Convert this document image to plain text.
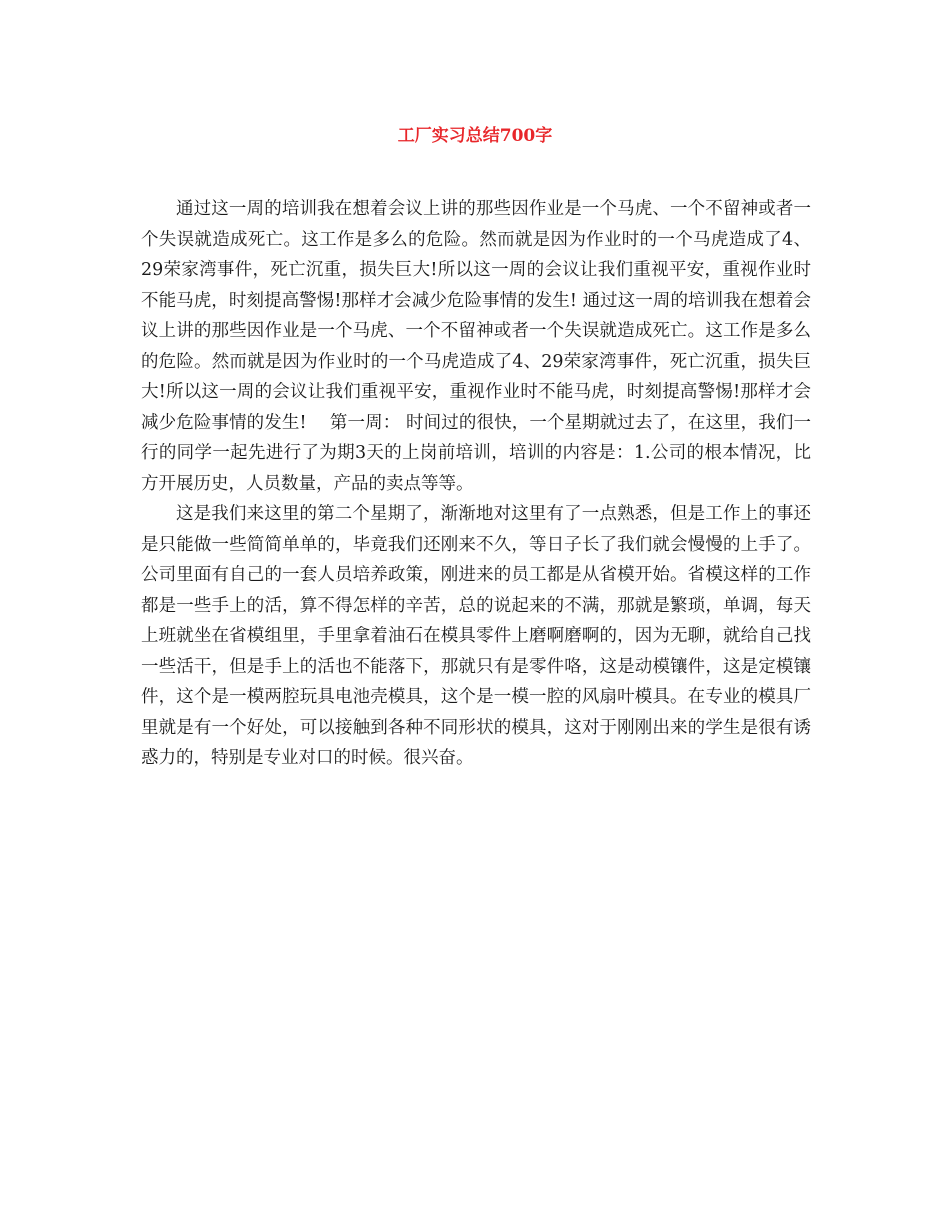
工厂实习总结700字

通过这一周的培训我在想着会议上讲的那些因作业是一个马虎、一个不留神或者一个失误就造成死亡。这工作是多么的危险。然而就是因为作业时的一个马虎造成了4、29荣家湾事件，死亡沉重，损失巨大!所以这一周的会议让我们重视平安，重视作业时不能马虎，时刻提高警惕!那样才会减少危险事情的发生! 通过这一周的培训我在想着会议上讲的那些因作业是一个马虎、一个不留神或者一个失误就造成死亡。这工作是多么的危险。然而就是因为作业时的一个马虎造成了4、29荣家湾事件，死亡沉重，损失巨大!所以这一周的会议让我们重视平安，重视作业时不能马虎，时刻提高警惕!那样才会减少危险事情的发生!　 第一周： 时间过的很快，一个星期就过去了，在这里，我们一行的同学一起先进行了为期3天的上岗前培训，培训的内容是：1.公司的根本情况，比方开展历史，人员数量，产品的卖点等等。

这是我们来这里的第二个星期了，渐渐地对这里有了一点熟悉，但是工作上的事还是只能做一些简简单单的，毕竟我们还刚来不久，等日子长了我们就会慢慢的上手了。公司里面有自己的一套人员培养政策，刚进来的员工都是从省模开始。省模这样的工作都是一些手上的活，算不得怎样的辛苦，总的说起来的不满，那就是繁琐，单调，每天上班就坐在省模组里，手里拿着油石在模具零件上磨啊磨啊的，因为无聊，就给自己找一些活干，但是手上的活也不能落下，那就只有是零件咯，这是动模镶件，这是定模镶件，这个是一模两腔玩具电池壳模具，这个是一模一腔的风扇叶模具。在专业的模具厂里就是有一个好处，可以接触到各种不同形状的模具，这对于刚刚出来的学生是很有诱惑力的，特别是专业对口的时候。很兴奋。
